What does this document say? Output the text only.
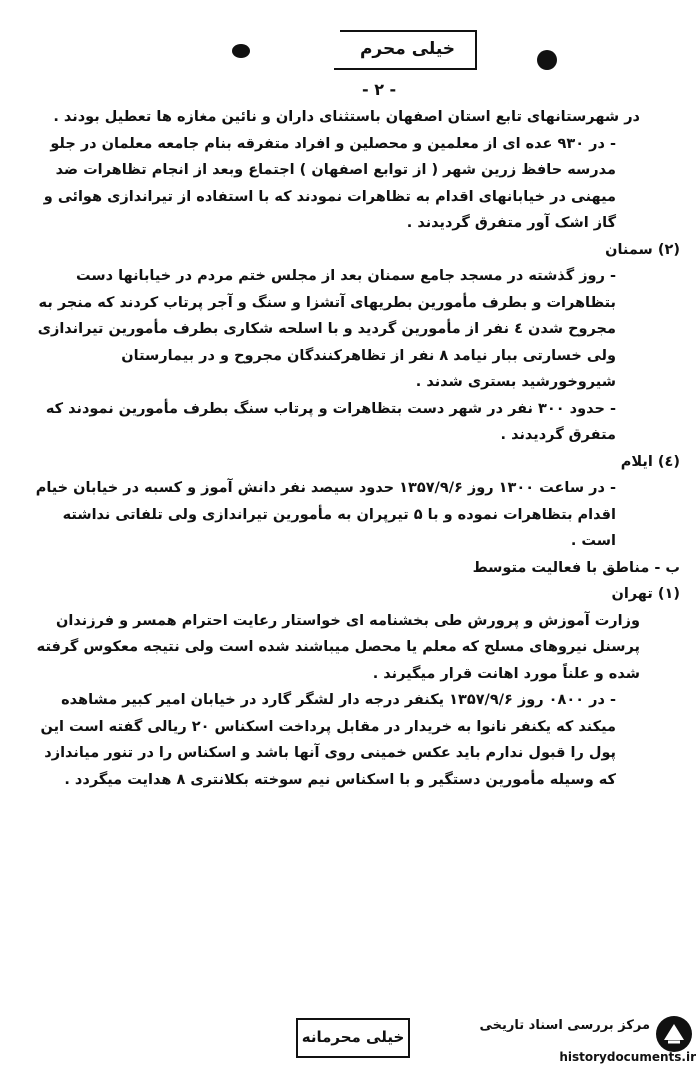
خیلی محرم
- ۲ -

در شهرستانهای تابع استان اصفهان باستثنای داران و نائین مغازه ها تعطیل بودند .

- در ۹۳۰ عده ای از معلمین و محصلین و افراد متفرقه بنام جامعه معلمان در جلو مدرسه حافظ زرین شهر ( از توابع اصفهان ) اجتماع وبعد از انجام تظاهرات ضد میهنی در خیابانهای اقدام به تظاهرات نمودند که با استفاده از تیراندازی هوائی و گاز اشک آور متفرق گردیدند .

(۲) سمنان

- روز گذشته در مسجد جامع سمنان بعد از مجلس ختم مردم در خیابانها دست بتظاهرات و بطرف مأمورین بطریهای آتشزا و سنگ و آجر پرتاب کردند که منجر به مجروح شدن ٤ نفر از مأمورین گردید و با اسلحه شکاری بطرف مأمورین تیراندازی ولی خسارتی ببار نیامد ۸ نفر از تظاهرکنندگان مجروح و در بیمارستان شیروخورشید بستری شدند .

- حدود ۳۰۰ نفر در شهر دست بتظاهرات و پرتاب سنگ بطرف مأمورین نمودند که متفرق گردیدند .

(٤) ایلام

- در ساعت ۱۳۰۰ روز ۱۳۵۷/۹/۶ حدود سیصد نفر دانش آموز و کسبه در خیابان خیام اقدام بتظاهرات نموده و با ۵ تیرپران به مأمورین تیراندازی ولی تلفاتی نداشته است .

ب - مناطق با فعالیت متوسط

(۱) تهران

وزارت آموزش و پرورش طی بخشنامه ای خواستار رعایت احترام همسر و فرزندان پرسنل نیروهای مسلح که معلم یا محصل میباشند شده است ولی نتیجه معکوس گرفته شده و علناً مورد اهانت قرار میگیرند .

- در ۰۸۰۰ روز ۱۳۵۷/۹/۶ یکنفر درجه دار لشگر گارد در خیابان امیر کبیر مشاهده میکند که یکنفر نانوا به خریدار در مقابل پرداخت اسکناس ۲۰ ریالی گفته است این پول را قبول ندارم باید عکس خمینی روی آنها باشد و اسکناس را در تنور میاندازد که وسیله مأمورین دستگیر و با اسکناس نیم سوخته بکلانتری ۸ هدایت میگردد .

خیلی محرمانه
مرکز بررسی اسناد تاریخی
historydocuments.ir
